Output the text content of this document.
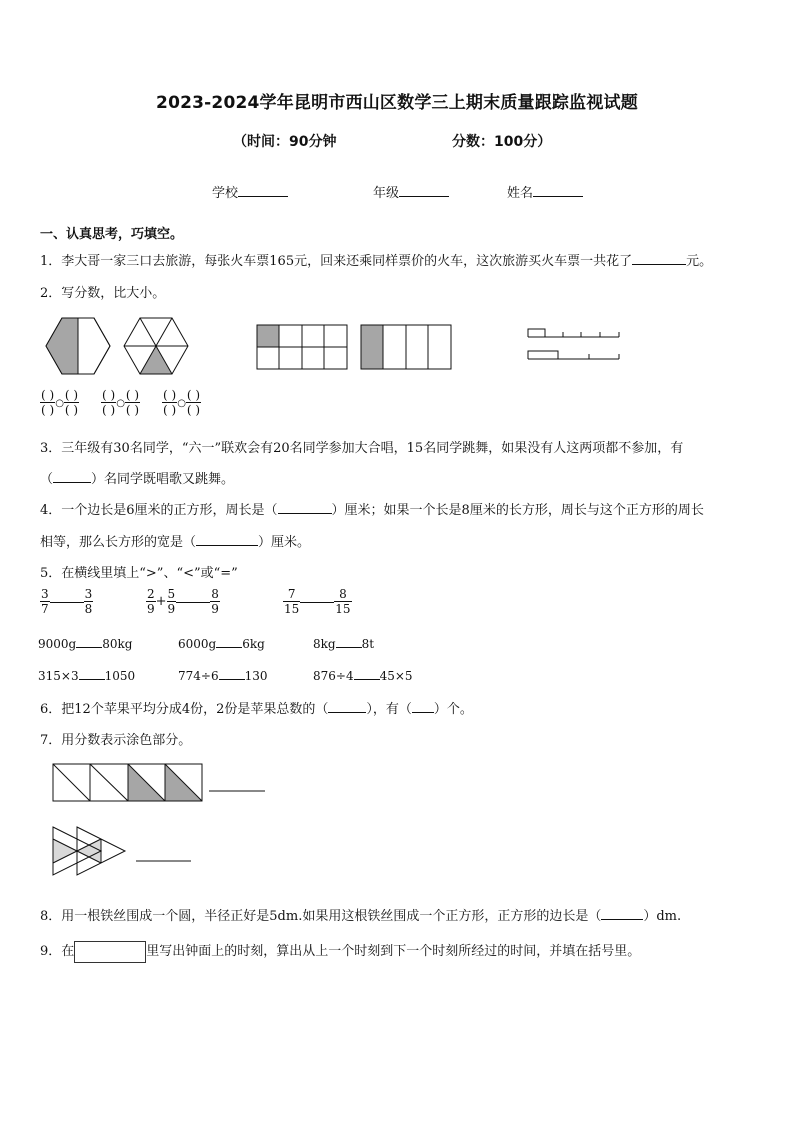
2023-2024学年昆明市西山区数学三上期末质量跟踪监视试题
（时间：90分钟	分数：100分）
学校	年级	姓名
一、认真思考，巧填空。
1．李大哥一家三口去旅游，每张火车票165元，回来还乘同样票价的火车，这次旅游买火车票一共花了	元。
2．写分数，比大小。
$\frac{( )}{( )}$ ○ $\frac{( )}{( )} \frac{( )}{( )}$ ○ $\frac{( )}{( )} \frac{( )}{( )}$ ○ $\frac{( )}{( )}$
3．三年级有30名同学，“六一”联欢会有20名同学参加大合唱，15名同学跳舞，如果没有人这两项都不参加，有
（	）名同学既唱歌又跳舞。
4．一个边长是6厘米的正方形，周长是（	）厘米；如果一个长是8厘米的长方形，周长与这个正方形的周长
相等，那么长方形的宽是（	）厘米。
5．在横线里填上“>”、“<”或“=”
$\frac{3}{7}$	$\frac{3}{8}$	$\frac{2}{9} + \frac{5}{9}$	$\frac{8}{9}$	$\frac{7}{15}$	$\frac{8}{15}$
9000g 80kg	6000g 6kg	8kg 8t
315×3 1050	774÷6 130	876÷4 45×5
6．把12个苹果平均分成4份，2份是苹果总数的（	），有（ ）个。
7．用分数表示涂色部分。
8．用一根铁丝围成一个圆，半径正好是5dm.如果用这根铁丝围成一个正方形，正方形的边长是（	）dm.
9．在	里写出钟面上的时刻，算出从上一个时刻到下一个时刻所经过的时间，并填在括号里。
